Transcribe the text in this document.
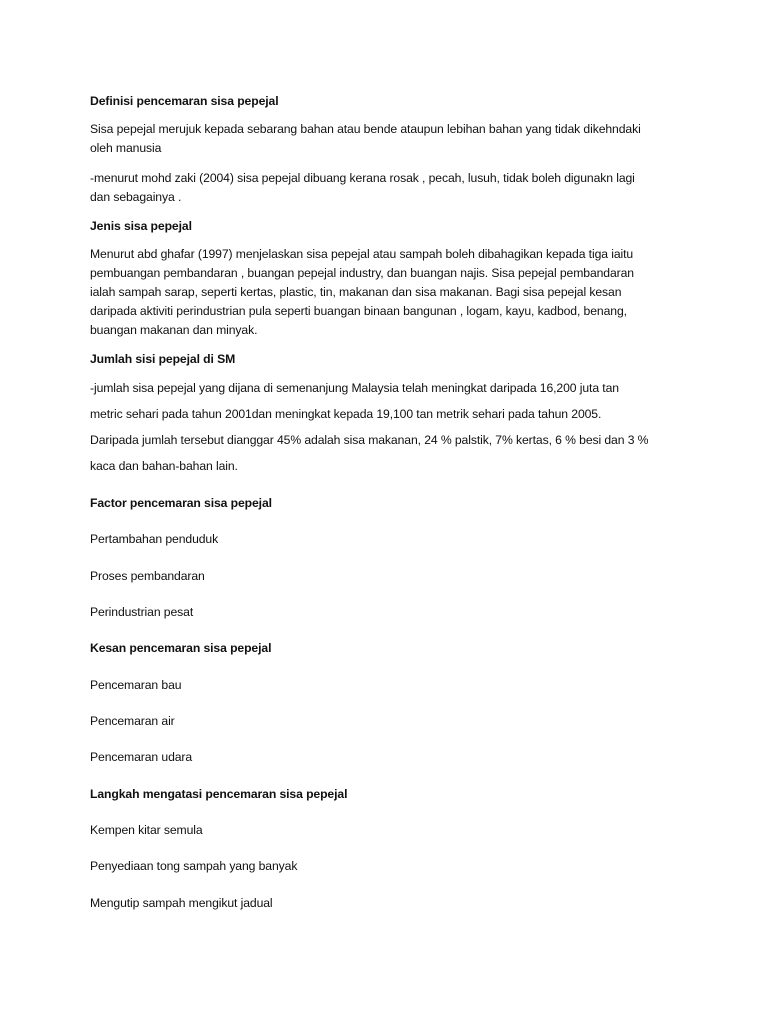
Definisi pencemaran sisa pepejal
Sisa pepejal merujuk kepada sebarang bahan atau bende ataupun lebihan bahan yang tidak dikehndaki
oleh manusia
-menurut mohd zaki (2004) sisa pepejal dibuang kerana rosak , pecah, lusuh, tidak boleh digunakn lagi
dan sebagainya .
Jenis sisa pepejal
Menurut abd ghafar (1997) menjelaskan sisa pepejal atau sampah boleh dibahagikan kepada tiga iaitu
pembuangan pembandaran , buangan pepejal industry, dan buangan najis. Sisa pepejal pembandaran
ialah sampah sarap, seperti kertas, plastic, tin, makanan dan sisa makanan. Bagi sisa pepejal kesan
daripada aktiviti perindustrian pula seperti buangan binaan bangunan , logam, kayu, kadbod, benang,
buangan makanan dan minyak.
Jumlah sisi pepejal di SM
-jumlah sisa pepejal yang dijana di semenanjung Malaysia telah meningkat daripada 16,200 juta tan
metric sehari pada tahun 2001dan meningkat kepada 19,100 tan metrik sehari pada tahun 2005.
Daripada jumlah tersebut dianggar 45% adalah sisa makanan, 24 % palstik, 7% kertas, 6 % besi dan 3 %
kaca dan bahan-bahan lain.
Factor pencemaran sisa pepejal
Pertambahan penduduk
Proses pembandaran
Perindustrian pesat
Kesan pencemaran sisa pepejal
Pencemaran bau
Pencemaran air
Pencemaran udara
Langkah mengatasi pencemaran sisa pepejal
Kempen kitar semula
Penyediaan tong sampah yang banyak
Mengutip sampah mengikut jadual
